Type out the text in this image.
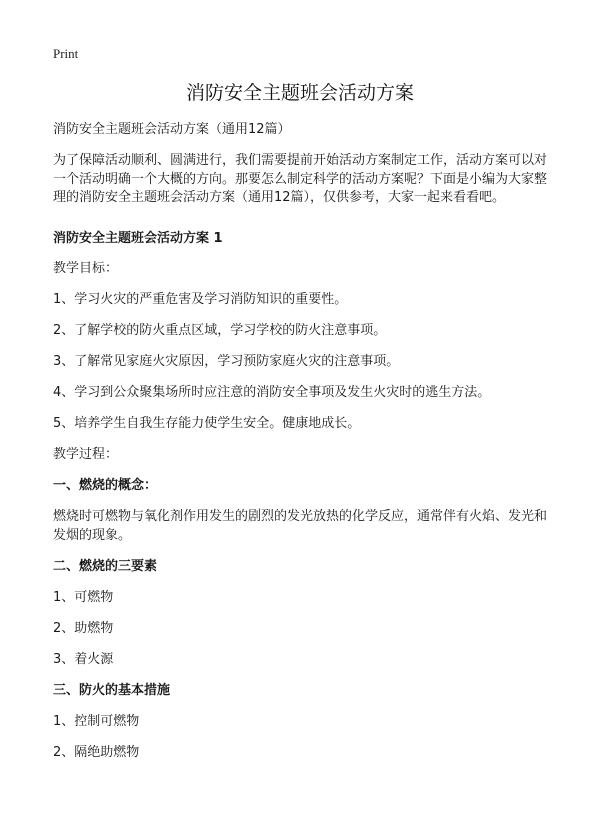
Print
消防安全主题班会活动方案

消防安全主题班会活动方案（通用12篇）

为了保障活动顺利、圆满进行，我们需要提前开始活动方案制定工作，活动方案可以对一个活动明确一个大概的方向。那要怎么制定科学的活动方案呢？下面是小编为大家整理的消防安全主题班会活动方案（通用12篇），仅供参考，大家一起来看看吧。

消防安全主题班会活动方案 1

教学目标：

1、学习火灾的严重危害及学习消防知识的重要性。

2、了解学校的防火重点区域，学习学校的防火注意事项。

3、了解常见家庭火灾原因，学习预防家庭火灾的注意事项。

4、学习到公众聚集场所时应注意的消防安全事项及发生火灾时的逃生方法。

5、培养学生自我生存能力使学生安全。健康地成长。

教学过程：

一、燃烧的概念：

燃烧时可燃物与氧化剂作用发生的剧烈的发光放热的化学反应，通常伴有火焰、发光和发烟的现象。

二、燃烧的三要素

1、可燃物

2、助燃物

3、着火源

三、防火的基本措施

1、控制可燃物

2、隔绝助燃物
